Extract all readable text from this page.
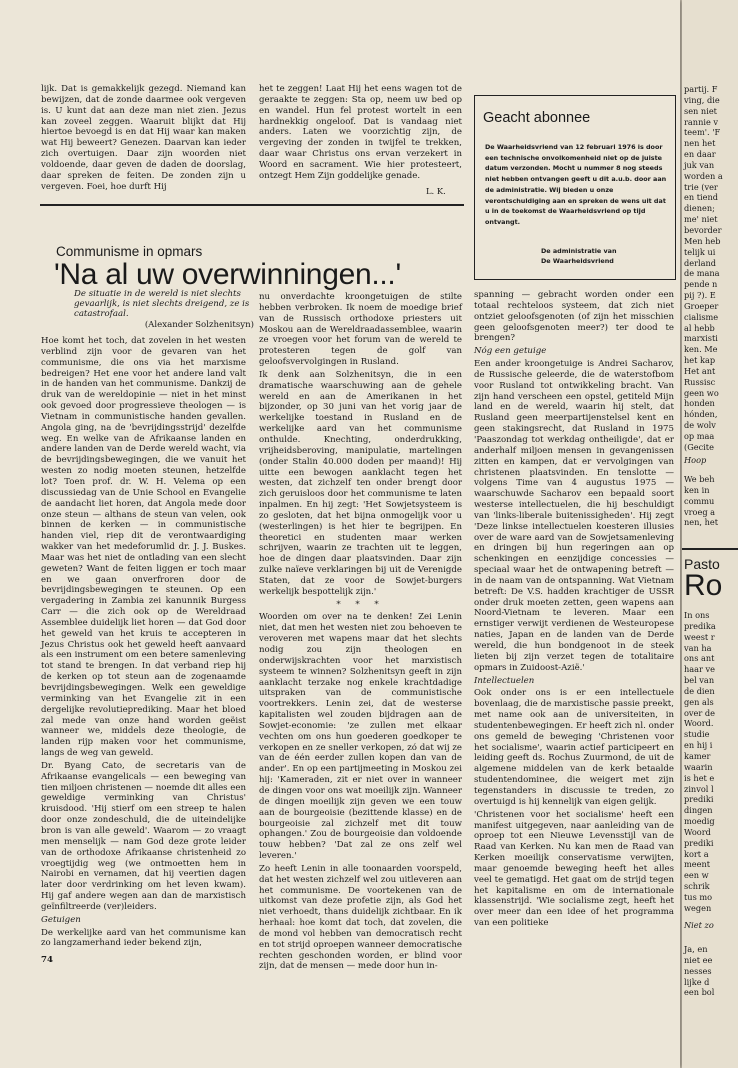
lijk. Dat is gemakkelijk gezegd. Niemand kan bewijzen, dat de zonde daarmee ook vergeven is. U kunt dat aan deze man niet zien. Jezus kan zoveel zeggen. Waaruit blijkt dat Hij hiertoe bevoegd is en dat Hij waar kan maken wat Hij beweert? Genezen. Daarvan kan ieder zich overtuigen. Daar zijn woorden niet voldoende, daar geven de daden de doorslag, daar spreken de feiten. De zonden zijn u vergeven. Foei, hoe durft Hij
het te zeggen! Laat Hij het eens wagen tot de geraakte te zeggen: Sta op, neem uw bed op en wandel. Hun fel protest wortelt in een hardnekkig ongeloof. Dat is vandaag niet anders. Laten we voorzichtig zijn, de vergeving der zonden in twijfel te trekken, daar waar Christus ons ervan verzekert in Woord en sacrament. Wie hier protesteert, ontzegt Hem Zijn goddelijke genade.
L. K.
Geacht abonnee
De Waarheidsvriend van 12 februari 1976 is door een technische onvolkomenheid niet op de juiste datum verzonden. Mocht u nummer 8 nog steeds niet hebben ontvangen geeft u dit a.u.b. door aan de administratie. Wij bieden u onze verontschuldiging aan en spreken de wens uit dat u in de toekomst de Waarheidsvriend op tijd ontvangt.
De administratie van
De Waarheidsvriend
Communisme in opmars
'Na al uw overwinningen...'
De situatie in de wereld is niet slechts gevaarlijk, is niet slechts dreigend, ze is catastrofaal.
(Alexander Solzhenitsyn)

Hoe komt het toch, dat zovelen in het westen verblind zijn voor de gevaren van het communisme, die ons via het marxisme bedreigen? Het ene voor het andere land valt in de handen van het communisme. Dankzij de druk van de wereldopinie — niet in het minst ook gevoed door progressieve theologen — is Vietnam in communistische handen gevallen. Angola ging, na de 'bevrijdingsstrijd' dezelfde weg. En welke van de Afrikaanse landen en andere landen van de Derde wereld wacht, via de bevrijdingsbewegingen, die we vanuit het westen zo nodig moeten steunen, hetzelfde lot? Toen prof. dr. W. H. Velema op een discussiedag van de Unie School en Evangelie de aandacht liet horen, dat Angola mede door onze steun — althans de steun van velen, ook binnen de kerken — in communistische handen viel, riep dit de verontwaardiging wakker van het medeforumlid dr. J. J. Buskes. Maar was het niet de ontlading van een slecht geweten? Want de feiten liggen er toch maar en we gaan onverfroren door de bevrijdingsbewegingen te steunen. Op een vergadering in Zambia zei kanunnik Burgess Carr — die zich ook op de Wereldraad Assemblee duidelijk liet horen — dat God door het geweld van het kruis te accepteren in Jezus Christus ook het geweld heeft aanvaard als een instrument om een betere samenleving tot stand te brengen. In dat verband riep hij de kerken op tot steun aan de zogenaamde bevrijdingsbewegingen. Welk een geweldige verminking van het Evangelie zit in een dergelijke revolutieprediking. Maar het bloed zal mede van onze hand worden geëist wanneer we, middels deze theologie, de landen rijp maken voor het communisme, langs de weg van geweld.

Dr. Byang Cato, de secretaris van de Afrikaanse evangelicals — een beweging van tien miljoen christenen — noemde dit alles een geweldige verminking van Christus' kruisdood. 'Hij stierf om een streep te halen door onze zondeschuld, die de uiteindelijke bron is van alle geweld'. Waarom — zo vraagt men menselijk — nam God deze grote leider van de orthodoxe Afrikaanse christenheid zo vroegtijdig weg (we ontmoetten hem in Nairobi en vernamen, dat hij veertien dagen later door verdrinking om het leven kwam). Hij gaf andere wegen aan dan de marxistisch geïnfiltreerde (ver)leiders.

Getuigen

De werkelijke aard van het communisme kan zo langzamerhand ieder bekend zijn,

nu onverdachte kroongetuigen de stilte hebben verbroken. Ik noem de moedige brief van de Russisch orthodoxe priesters uit Moskou aan de Wereldraadassemblee, waarin ze vroegen voor het forum van de wereld te protesteren tegen de golf van geloofsvervolgingen in Rusland.

Ik denk aan Solzhenitsyn, die in een dramatische waarschuwing aan de gehele wereld en aan de Amerikanen in het bijzonder, op 30 juni van het vorig jaar de werkelijke toestand in Rusland en de werkelijke aard van het communisme onthulde. Knechting, onderdrukking, vrijheidsberoving, manipulatie, martelingen (onder Stalin 40.000 doden per maand)! Hij uitte een bewogen aanklacht tegen het westen, dat zichzelf ten onder brengt door zich geruisloos door het communisme te laten inpalmen. En hij zegt: 'Het Sowjetsysteem is zo gesloten, dat het bijna onmogelijk voor u (westerlingen) is het hier te begrijpen. En theoretici en studenten maar werken schrijven, waarin ze trachten uit te leggen, hoe de dingen daar plaatsvinden. Daar zijn zulke naïeve verklaringen bij uit de Verenigde Staten, dat ze voor de Sowjet-burgers werkelijk bespottelijk zijn.'

* * *

Woorden om over na te denken! Zei Lenin niet, dat men het westen niet zou behoeven te veroveren met wapens maar dat het slechts nodig zou zijn theologen en onderwijskrachten voor het marxistisch systeem te winnen? Solzhenitsyn geeft in zijn aanklacht terzake nog enkele krachtdadige uitspraken van de communistische voortrekkers. Lenin zei, dat de westerse kapitalisten wel zouden bijdragen aan de Sowjet-economie: 'ze zullen met elkaar vechten om ons hun goederen goedkoper te verkopen en ze sneller verkopen, zó dat wij ze van de één eerder zullen kopen dan van de ander'. En op een partijmeeting in Moskou zei hij: 'Kameraden, zit er niet over in wanneer de dingen voor ons wat moeilijk zijn. Wanneer de dingen moeilijk zijn geven we een touw aan de bourgeoisie (bezittende klasse) en de bourgeoisie zal zichzelf met dit touw ophangen.' Zou de bourgeoisie dan voldoende touw hebben? 'Dat zal ze ons zelf wel leveren.'

Zo heeft Lenin in alle toonaarden voorspeld, dat het westen zichzelf wel zou uitleveren aan het communisme. De voortekenen van de uitkomst van deze profetie zijn, als God het niet verhoedt, thans duidelijk zichtbaar. En ik herhaal: hoe komt dat toch, dat zovelen, die de mond vol hebben van democratisch recht en tot strijd oproepen wanneer democratische rechten geschonden worden, er blind voor zijn, dat de mensen — mede door hun in-

spanning — gebracht worden onder een totaal rechteloos systeem, dat zich niet ontziet geloofsgenoten (of zijn het misschien geen geloofsgenoten meer?) ter dood te brengen?

Nóg een getuige

Een ander kroongetuige is Andrei Sacharov, de Russische geleerde, die de waterstofbom voor Rusland tot ontwikkeling bracht. Van zijn hand verscheen een opstel, getiteld Mijn land en de wereld, waarin hij stelt, dat Rusland geen meerpartijenstelsel kent en geen stakingsrecht, dat Rusland in 1975 'Paaszondag tot werkdag ontheiligde', dat er anderhalf miljoen mensen in gevangenissen zitten en kampen, dat er vervolgingen van christenen plaatsvinden. En tenslotte — volgens Time van 4 augustus 1975 — waarschuwde Sacharov een bepaald soort westerse intellectuelen, die hij beschuldigt van 'links-liberale buitenissigheden'. Hij zegt 'Deze linkse intellectuelen koesteren illusies over de ware aard van de Sowjetsamenleving en dringen bij hun regeringen aan op schenkingen en eenzijdige concessies — speciaal waar het de ontwapening betreft — in de naam van de ontspanning. Wat Vietnam betreft: De V.S. hadden krachtiger de USSR onder druk moeten zetten, geen wapens aan Noord-Vietnam te leveren. Maar een ernstiger verwijt verdienen de Westeuropese naties, Japan en de landen van de Derde wereld, die hun bondgenoot in de steek lieten bij zijn verzet tegen de totalitaire opmars in Zuidoost-Azië.'

Intellectuelen

Ook onder ons is er een intellectuele bovenlaag, die de marxistische passie preekt, met name ook aan de universiteiten, in studentenbewegingen. Er heeft zich nl. onder ons gemeld de beweging 'Christenen voor het socialisme', waarin actief participeert en leiding geeft ds. Rochus Zuurmond, de uit de algemene middelen van de kerk betaalde studentendominee, die weigert met zijn tegenstanders in discussie te treden, zo overtuigd is hij kennelijk van eigen gelijk.

'Christenen voor het socialisme' heeft een manifest uitgegeven, naar aanleiding van de oproep tot een Nieuwe Levensstijl van de Raad van Kerken. Nu kan men de Raad van Kerken moeilijk conservatisme verwijten, maar genoemde beweging heeft het alles veel te gematigd. Het gaat om de strijd tegen het kapitalisme en om de internationale klassenstrijd. 'Wie socialisme zegt, heeft het over meer dan een idee of het programma van een politieke

74
partij. F
ving, die
sen niet
rannie v
teem'. 'F
nen het
en daar
juk van
worden a
trie (ver
en tiend
dienen;
me' niet
bevorder
Men heb
telijk ui
derland
de mana
pende n
pij ?). E
Groeper
cialisme
al hebb
marxisti
ken. Me
het kap
Het ant
Russisc
geen wo
honden
hónden,
de wolv
op maa
(Gecite
Hoop
We beh
ken in
commu
vroeg a
nen, het
Pasto
Ro
In ons
predika
weest r
van ha
ons ant
haar ve
bel van
de dien
gen als
over de
Woord.
studie
en hij i
kamer
waarin
is het e
zinvol l
prediki
dingen
moedig
Woord
prediki
kort a
meent
een w
schrik
tus mo
wegen
Niet zo
Ja, en
niet ee
nesses
lijke d
een bol
